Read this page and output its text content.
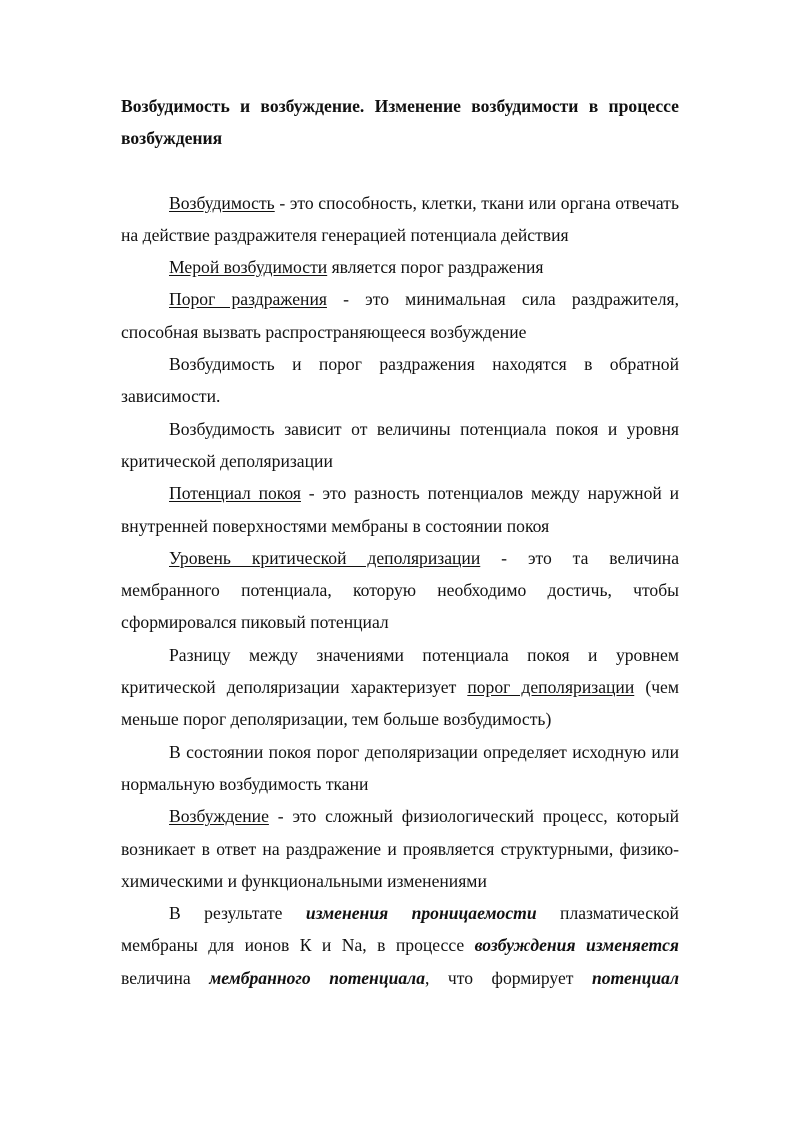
Возбудимость и возбуждение. Изменение возбудимости в процессе возбуждения

Возбудимость - это способность, клетки, ткани или органа отвечать на действие раздражителя генерацией потенциала действия

Мерой возбудимости является порог раздражения

Порог раздражения - это минимальная сила раздражителя, способная вызвать распространяющееся возбуждение

Возбудимость и порог раздражения находятся в обратной зависимости.

Возбудимость зависит от величины потенциала покоя и уровня критической деполяризации

Потенциал покоя - это разность потенциалов между наружной и внутренней поверхностями мембраны в состоянии покоя

Уровень критической деполяризации - это та величина мембранного потенциала, которую необходимо достичь, чтобы сформировался пиковый потенциал

Разницу между значениями потенциала покоя и уровнем критической деполяризации характеризует порог деполяризации (чем меньше порог деполяризации, тем больше возбудимость)

В состоянии покоя порог деполяризации определяет исходную или нормальную возбудимость ткани

Возбуждение - это сложный физиологический процесс, который возникает в ответ на раздражение и проявляется структурными, физико-химическими и функциональными изменениями

В результате изменения проницаемости плазматической мембраны для ионов К и Na, в процессе возбуждения изменяется величина мембранного потенциала, что формирует потенциал
